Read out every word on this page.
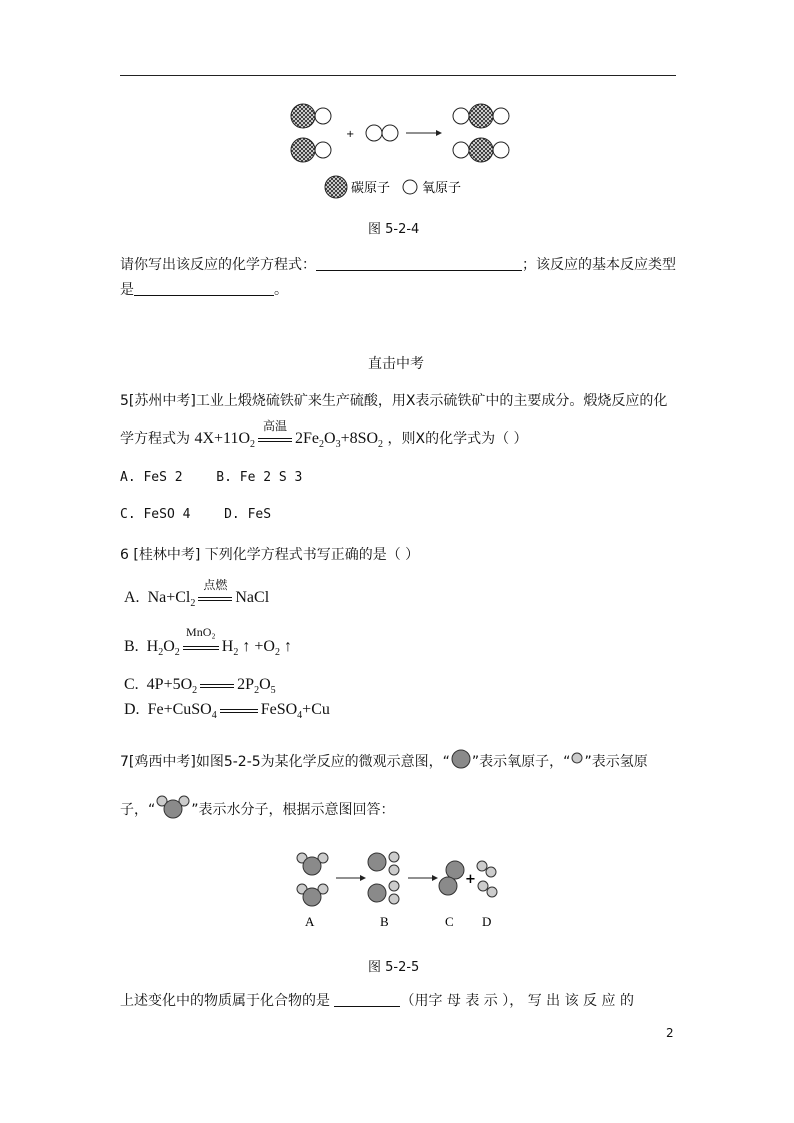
+
碳原子 氧原子
图 5-2-4
请你写出该反应的化学方程式：	；该反应的基本反应类型
是	。
直击中考
5[苏州中考]工业上煅烧硫铁矿来生产硫酸，用X表示硫铁矿中的主要成分。煅烧反应的化
学方程式为 $4X+11O_2$
高温
$2Fe_2O_3+8SO_2$ ，则X的化学式为（ ）
A. FeS 2	B. Fe 2 S 3
C. FeSO 4	D. FeS
6 [桂林中考] 下列化学方程式书写正确的是（ ）
A. $Na+Cl_2$
点燃
NaCl
B. $H_2O_2$
MnO₂
$H_2$ ↑ $+O_2$ ↑
C. $4P+5O_2$	$2P_2O_5$
D. Fe+CuSO$_4$	FeSO$_4$+Cu
7[鸡西中考]如图5-2-5为某化学反应的微观示意图，“ ”表示氧原子，“ ”表示氢原
子，“	”表示水分子，根据示意图回答：
+
A	B	C D
图 5-2-5
上述变化中的物质属于化合物的是	（用字 母 表 示 ）， 写 出 该 反 应 的
2
